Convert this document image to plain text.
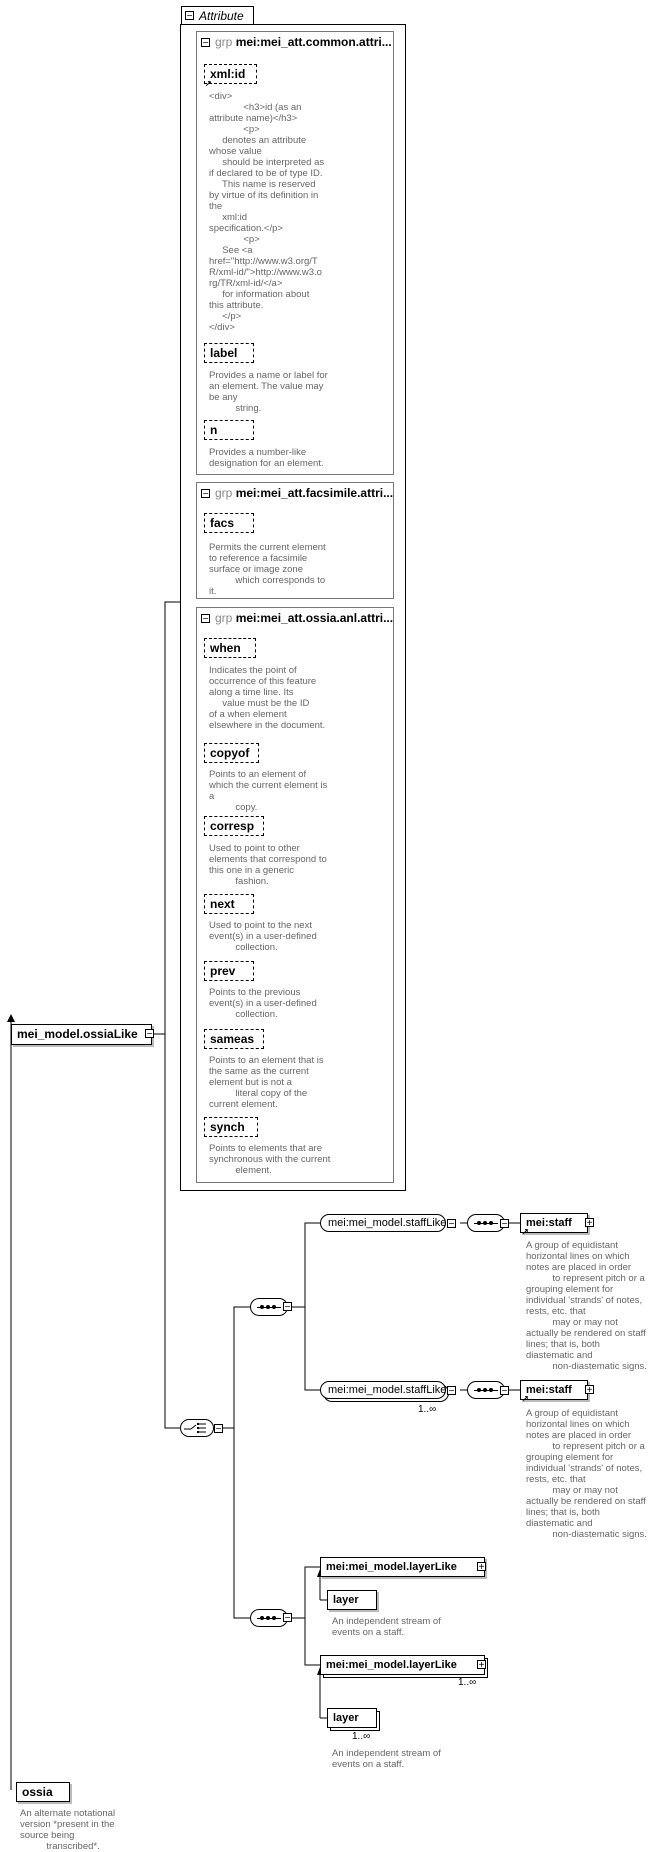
− Attribute
− grp mei:mei_att.common.attri...
↗
xml:id
<div>
<h3>id (as an
attribute name)</h3>
<p>
denotes an attribute
whose value
should be interpreted as
if declared to be of type ID.
This name is reserved
by virtue of its definition in
the
xml:id
specification.</p>
<p>
See <a
href="http://www.w3.org/T
R/xml-id/">http://www.w3.o
rg/TR/xml-id/</a>
for information about
this attribute.
</p>
</div>
label
Provides a name or label for
an element. The value may
be any
string.
n
Provides a number-like
designation for an element.
− grp mei:mei_att.facsimile.attri...
facs
Permits the current element
to reference a facsimile
surface or image zone
which corresponds to
it.
− grp mei:mei_att.ossia.anl.attri...
when
Indicates the point of
occurrence of this feature
along a time line. Its
value must be the ID
of a when element
elsewhere in the document.
copyof
Points to an element of
which the current element is
a
copy.
corresp
Used to point to other
elements that correspond to
this one in a generic
fashion.
next
Used to point to the next
event(s) in a user-defined
collection.
prev
Points to the previous
event(s) in a user-defined
collection.
sameas
Points to an element that is
the same as the current
element but is not a
literal copy of the
current element.
synch
Points to elements that are
synchronous with the current
element.
mei_model.ossiaLike −
−
−
mei:mei_model.staffLike −	−
↗
mei:staff	+
A group of equidistant
horizontal lines on which
notes are placed in order
to represent pitch or a
grouping element for
individual 'strands' of notes,
rests, etc. that
may or may not
actually be rendered on staff
lines; that is, both
diastematic and
non-diastematic signs.
mei:mei_model.staffLike −
1..∞
−
↗
mei:staff	+
A group of equidistant
horizontal lines on which
notes are placed in order
to represent pitch or a
grouping element for
individual 'strands' of notes,
rests, etc. that
may or may not
actually be rendered on staff
lines; that is, both
diastematic and
non-diastematic signs.
−
mei:mei_model.layerLike	+
layer
An independent stream of
events on a staff.
mei:mei_model.layerLike	+
1..∞
layer
1..∞
An independent stream of
events on a staff.
ossia
An alternate notational
version *present in the
source being
transcribed*.
